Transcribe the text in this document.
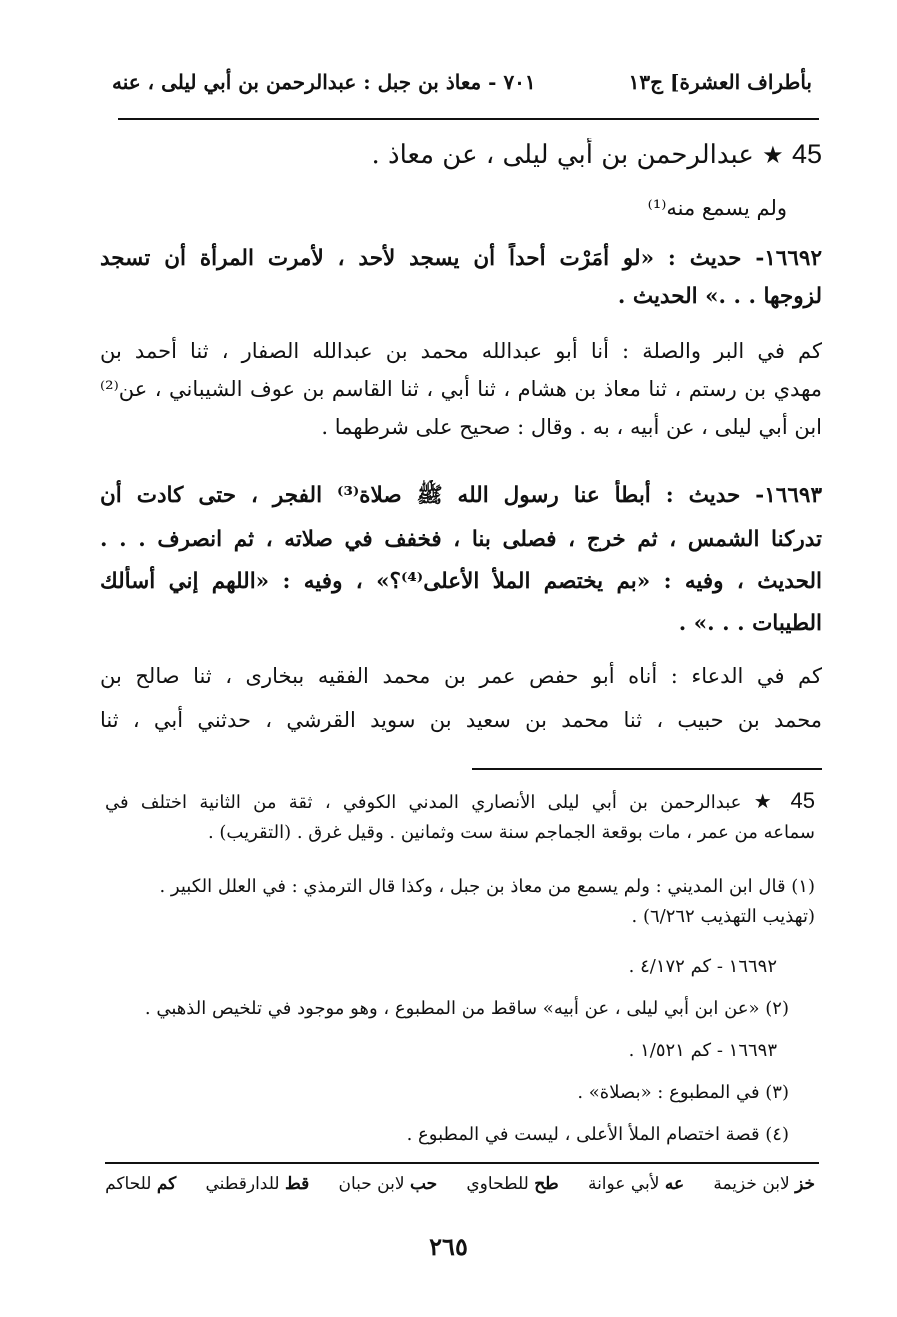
بأطراف العشرة] ج١٣
٧٠١ - معاذ بن جبل : عبدالرحمن بن أبي ليلى ، عنه
45 ★ عبدالرحمن بن أبي ليلى ، عن معاذ .
ولم يسمع منه⁽¹⁾
١٦٦٩٢- حديث : «لو أمَرْت أحداً أن يسجد لأحد ، لأمرت المرأة أن تسجد
لزوجها . . .» الحديث .
كم في البر والصلة : أنا أبو عبدالله محمد بن عبدالله الصفار ، ثنا أحمد بن
مهدي بن رستم ، ثنا معاذ بن هشام ، ثنا أبي ، ثنا القاسم بن عوف الشيباني ، عن⁽²⁾
ابن أبي ليلى ، عن أبيه ، به . وقال : صحيح على شرطهما .
١٦٦٩٣- حديث : أبطأ عنا رسول الله ﷺ صلاة⁽³⁾ الفجر ، حتى كادت أن
تدركنا الشمس ، ثم خرج ، فصلى بنا ، فخفف في صلاته ، ثم انصرف . . .
الحديث ، وفيه : «بم يختصم الملأ الأعلى⁽⁴⁾؟» ، وفيه : «اللهم إني أسألك
الطيبات . . .» .
كم في الدعاء : أناه أبو حفص عمر بن محمد الفقيه ببخارى ، ثنا صالح بن
محمد بن حبيب ، ثنا محمد بن سعيد بن سويد القرشي ، حدثني أبي ، ثنا
45 ★ عبدالرحمن بن أبي ليلى الأنصاري المدني الكوفي ، ثقة من الثانية اختلف في
سماعه من عمر ، مات بوقعة الجماجم سنة ست وثمانين . وقيل غرق . (التقريب) .
(١) قال ابن المديني : ولم يسمع من معاذ بن جبل ، وكذا قال الترمذي : في العلل الكبير .
(تهذيب التهذيب ٦/٢٦٢) .
١٦٦٩٢ - كم ٤/١٧٢ .
(٢) «عن ابن أبي ليلى ، عن أبيه» ساقط من المطبوع ، وهو موجود في تلخيص الذهبي .
١٦٦٩٣ - كم ١/٥٢١ .
(٣) في المطبوع : «بصلاة» .
(٤) قصة اختصام الملأ الأعلى ، ليست في المطبوع .
خز لابن خزيمة
عه لأبي عوانة
طح للطحاوي
حب لابن حبان
قط للدارقطني
كم للحاكم
٢٦٥
